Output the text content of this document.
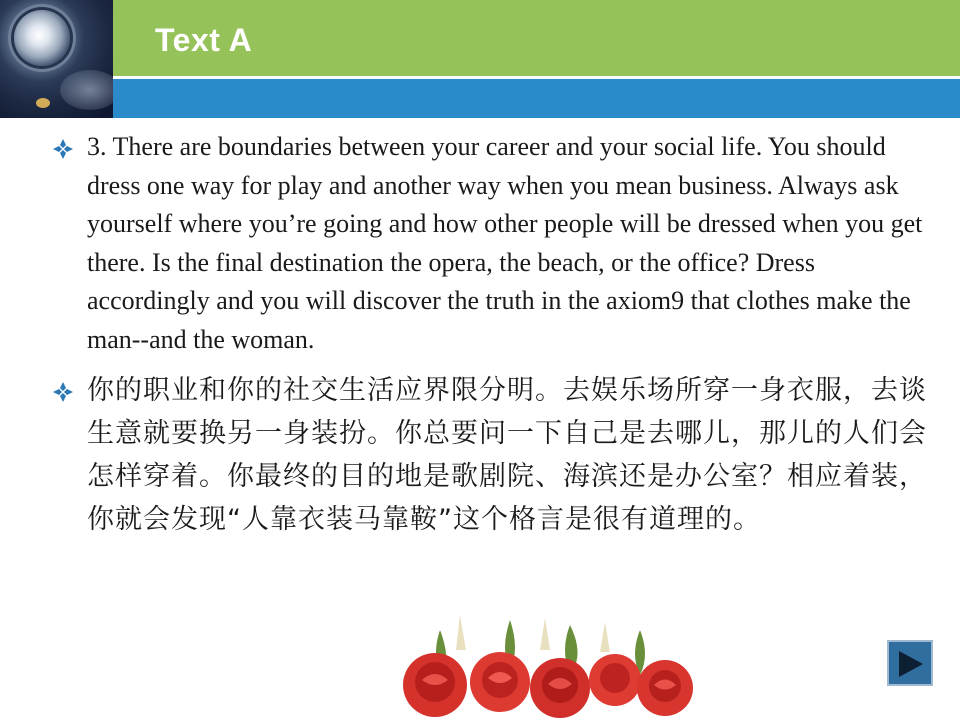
Text A

3. There are boundaries between your career and your social life. You should dress one way for play and another way when you mean business. Always ask yourself where you’re going and how other people will be dressed when you get there. Is the final destination the opera, the beach, or the office? Dress accordingly and you will discover the truth in the axiom9 that clothes make the man--and the woman.

你的职业和你的社交生活应界限分明。去娱乐场所穿一身衣服，去谈生意就要换另一身装扮。你总要问一下自己是去哪儿，那儿的人们会怎样穿着。你最终的目的地是歌剧院、海滨还是办公室？相应着装，你就会发现“人靠衣装马靠鞍”这个格言是很有道理的。
